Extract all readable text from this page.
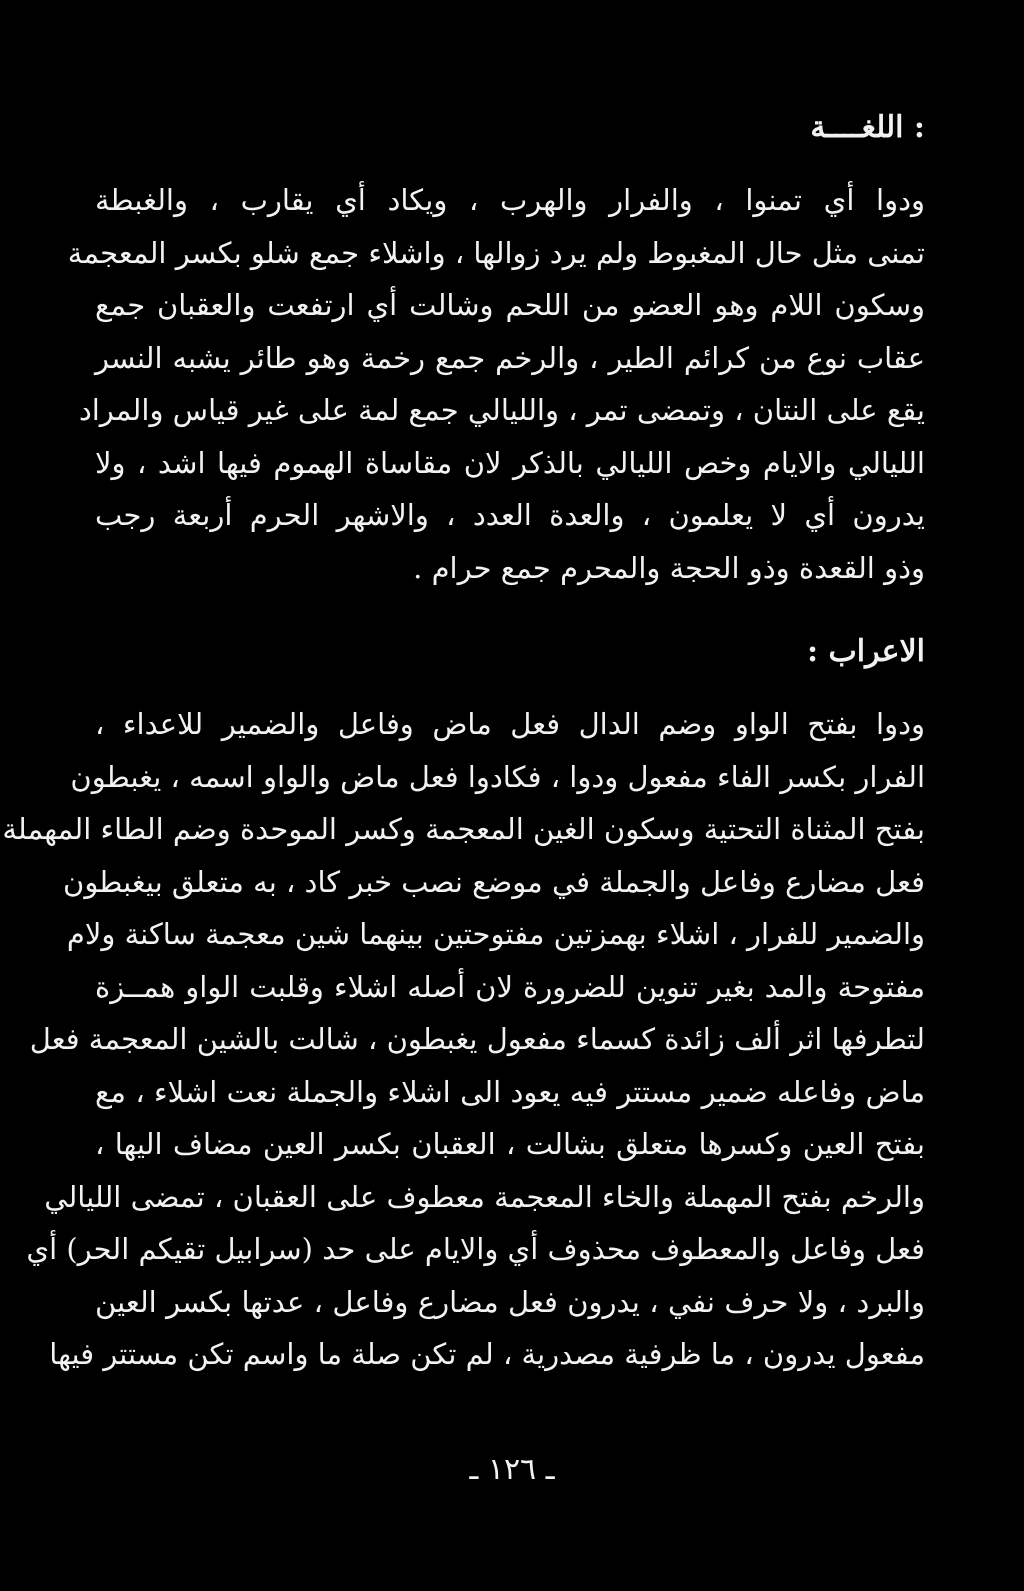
: اللغــــة
ودوا أي تمنوا ، والفرار والهرب ، ويكاد أي يقارب ، والغبطة
تمنى مثل حال المغبوط ولم يرد زوالها ، واشلاء جمع شلو بكسر المعجمة
وسكون اللام وهو العضو من اللحم وشالت أي ارتفعت والعقبان جمع
عقاب نوع من كرائم الطير ، والرخم جمع رخمة وهو طائر يشبه النسر
يقع على النتان ، وتمضى تمر ، والليالي جمع لمة على غير قياس والمراد
الليالي والايام وخص الليالي بالذكر لان مقاساة الهموم فيها اشد ، ولا
يدرون أي لا يعلمون ، والعدة العدد ، والاشهر الحرم أربعة رجب
وذو القعدة وذو الحجة والمحرم جمع حرام .
الاعراب :
ودوا بفتح الواو وضم الدال فعل ماض وفاعل والضمير للاعداء ،
الفرار بكسر الفاء مفعول ودوا ، فكادوا فعل ماض والواو اسمه ، يغبطون
بفتح المثناة التحتية وسكون الغين المعجمة وكسر الموحدة وضم الطاء المهملة
فعل مضارع وفاعل والجملة في موضع نصب خبر كاد ، به متعلق بيغبطون
والضمير للفرار ، اشلاء بهمزتين مفتوحتين بينهما شين معجمة ساكنة ولام
مفتوحة والمد بغير تنوين للضرورة لان أصله اشلاء وقلبت الواو همــزة
لتطرفها اثر ألف زائدة كسماء مفعول يغبطون ، شالت بالشين المعجمة فعل
ماض وفاعله ضمير مستتر فيه يعود الى اشلاء والجملة نعت اشلاء ، مع
بفتح العين وكسرها متعلق بشالت ، العقبان بكسر العين مضاف اليها ،
والرخم بفتح المهملة والخاء المعجمة معطوف على العقبان ، تمضى الليالي
فعل وفاعل والمعطوف محذوف أي والايام على حد (سرابيل تقيكم الحر) أي
والبرد ، ولا حرف نفي ، يدرون فعل مضارع وفاعل ، عدتها بكسر العين
مفعول يدرون ، ما ظرفية مصدرية ، لم تكن صلة ما واسم تكن مستتر فيها
ـ ١٢٦ ـ
